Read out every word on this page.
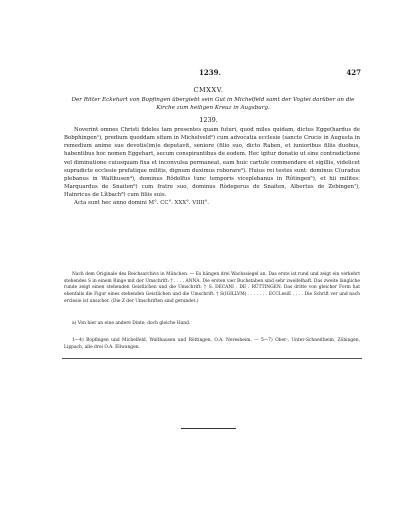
1239.	427
CMXXV.
Der Ritter Eckehart von Bopfingen übergiebt sein Gut in Michelfeld samt der Vogtei darüber an die Kirche zum heiligen Kreuz in Augsburg.
1239.

Noverint omnes Christi fideles tam presentes quam futuri, quod miles quidam, dictus Egge(hardus de Bobphingen¹), predium quoddam situm in Michelveld²) cum advocatia ecclesie (sancte Crucis in Augusta in remedium anime sue devotis(im)e deputavit, seniore (filio suo, dicto Raben, et iunioribus filiis duobus, habentibus hoc nomen Eggehart, secum conspirantibus de eodem. Hec igitur donatio ut sine contradictione vel diminutione cuiusquam fixa et inconvulsa permaneat, eam huic cartule commendare et sigillis, videlicet supradicte ecclesie prefatique militis, dignum duximus roborare³). Huius rei testes sunt: dominus C(uradus plebanus in Walthusen⁴), dominus Rŏdolfus tunc temporis viceplebanus in Rôtingen⁵), et hii milites: Marquardus de Snaiten⁶) cum fratre suo, dominus Rŏdegerus de Snaiten, Albertus de Zebingen⁷), Hainricus de Lîtbach⁸) cum filiis suis.

Acta sunt hec anno domini M°. CC°. XXX°. VIIII°.

Nach dem Originale des Reichsarchivs in München. — Es hängen drei Wachssiegel an. Das erste ist rund und zeigt ein verkehrt stehendes S in einem Ringe mit der Umschrift: † . . . . ANNA. Die ersten vier Buchstaben sind sehr zweifelhaft. Das zweite längliche runde zeigt einen stehenden Geistlichen und die Umschrift: † S. DECANI . DE . RÛTTINGEN. Das dritte von gleicher Form hat ebenfalls die Figur eines stehenden Geistlichen und die Umschrift: † S(IGILLVM) . . . . . . . ECCLesiE . . . . Die Schrift ver und nach erclesie ist unsicher. (Die Z der Umschriften sind gerundet.)

a) Von hier an eine andere Dinte, doch gleiche Hand.

1—4) Bopfingen und Michelfeld, Walthausen und Röttingen, O.A. Neresheim. — 5—7) Ober-, Unter-Schneitheim, Zöbingen, Lippach, alle drei O.A. Ellwangen.
